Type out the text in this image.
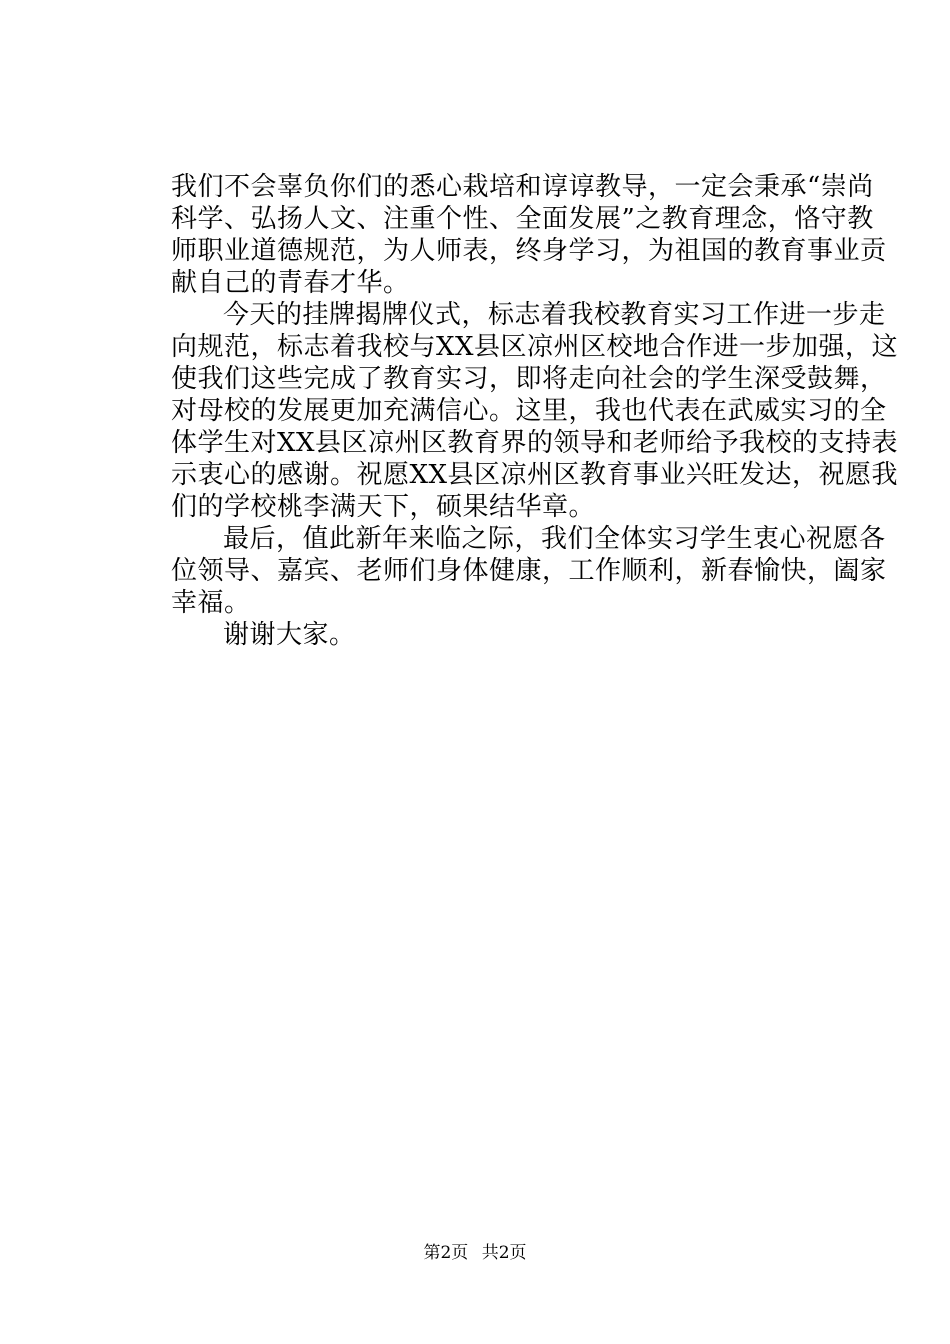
我们不会辜负你们的悉心栽培和谆谆教导，一定会秉承“崇尚
科学、弘扬人文、注重个性、全面发展”之教育理念，恪守教
师职业道德规范，为人师表，终身学习，为祖国的教育事业贡
献自己的青春才华。
今天的挂牌揭牌仪式，标志着我校教育实习工作进一步走
向规范，标志着我校与XX县区凉州区校地合作进一步加强，这
使我们这些完成了教育实习，即将走向社会的学生深受鼓舞，
对母校的发展更加充满信心。这里，我也代表在武威实习的全
体学生对XX县区凉州区教育界的领导和老师给予我校的支持表
示衷心的感谢。祝愿XX县区凉州区教育事业兴旺发达，祝愿我
们的学校桃李满天下，硕果结华章。
最后，值此新年来临之际，我们全体实习学生衷心祝愿各
位领导、嘉宾、老师们身体健康，工作顺利，新春愉快，阖家
幸福。
谢谢大家。
第2页 共2页
